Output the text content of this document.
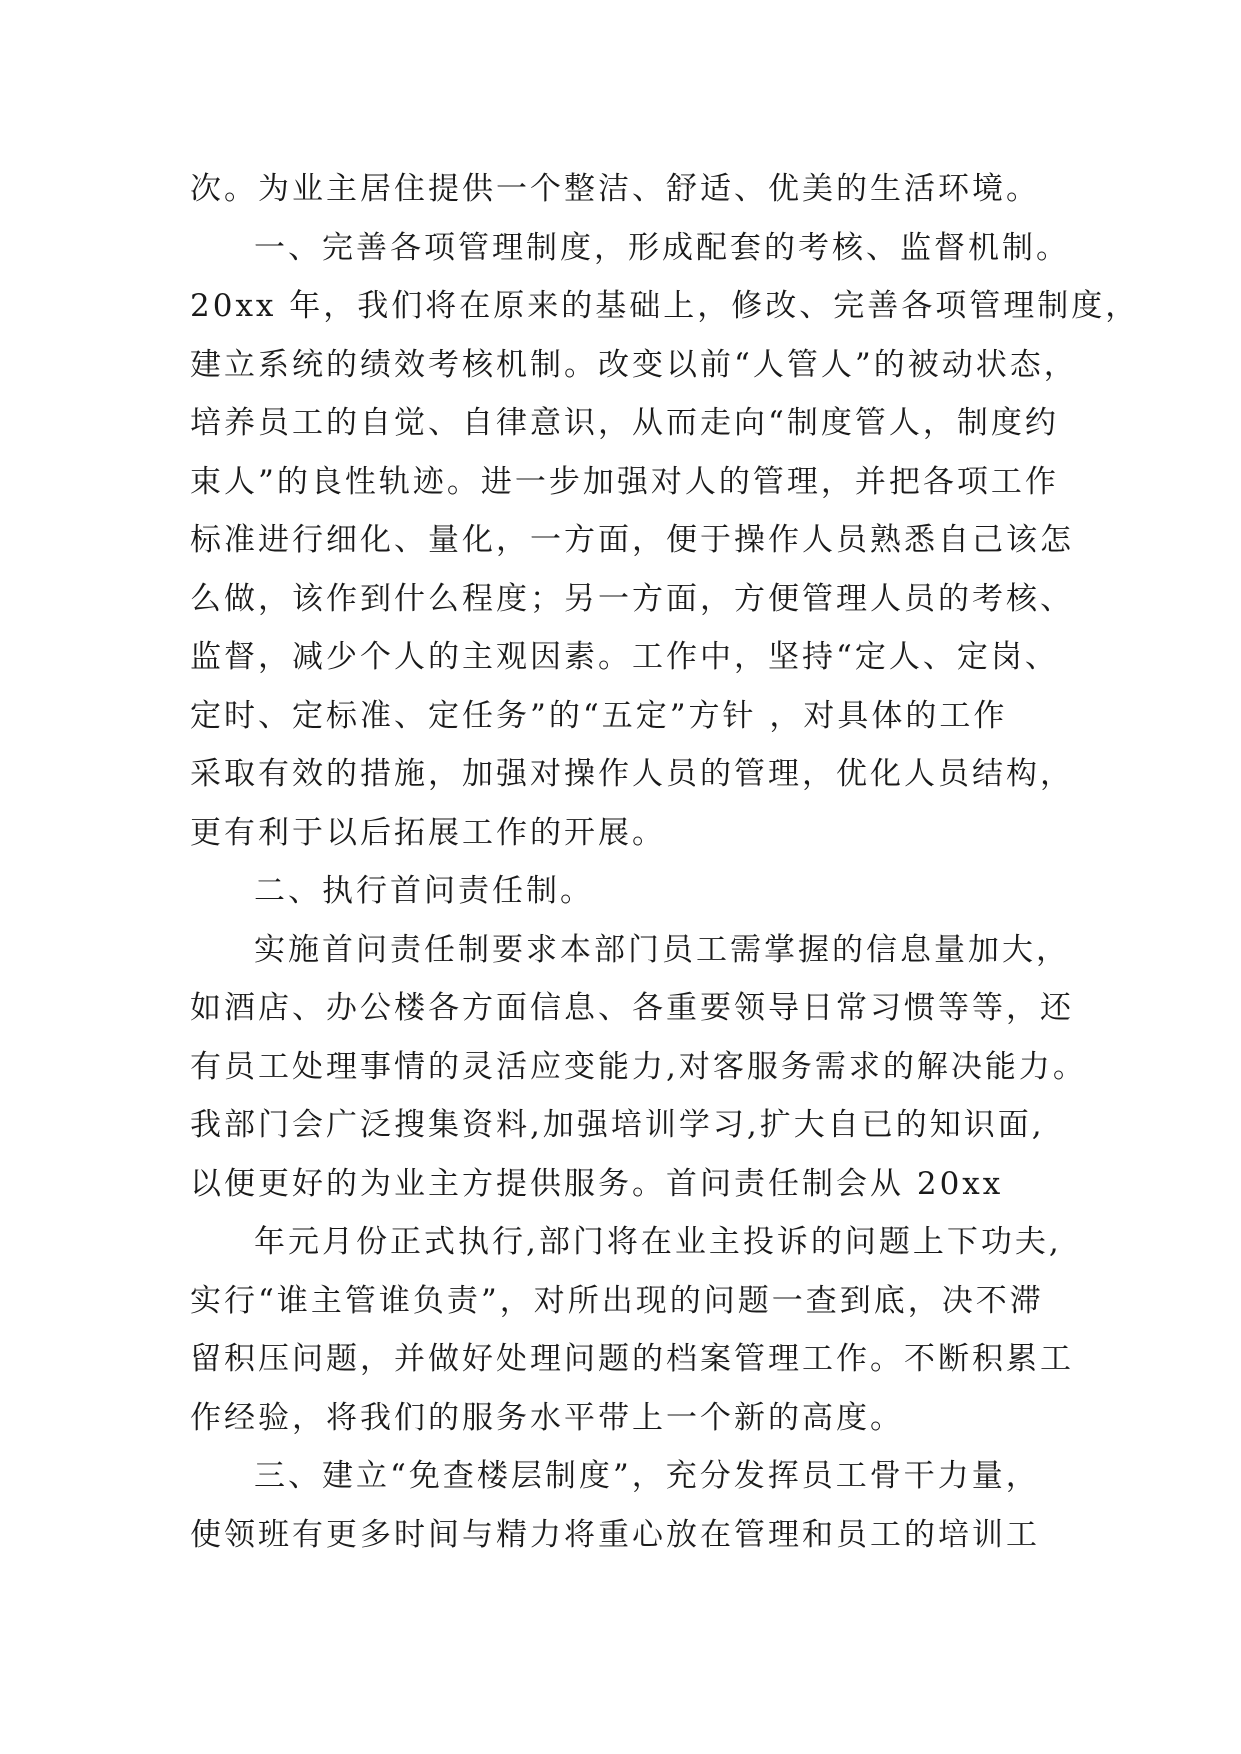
次。为业主居住提供一个整洁、舒适、优美的生活环境。
一、完善各项管理制度，形成配套的考核、监督机制。
20xx 年，我们将在原来的基础上，修改、完善各项管理制度，
建立系统的绩效考核机制。改变以前“人管人”的被动状态，
培养员工的自觉、自律意识，从而走向“制度管人，制度约
束人”的良性轨迹。进一步加强对人的管理，并把各项工作
标准进行细化、量化，一方面，便于操作人员熟悉自己该怎
么做，该作到什么程度；另一方面，方便管理人员的考核、
监督，减少个人的主观因素。工作中，坚持“定人、定岗、
定时、定标准、定任务”的“五定”方针 ，对具体的工作
采取有效的措施，加强对操作人员的管理，优化人员结构，
更有利于以后拓展工作的开展。
二、执行首问责任制。
实施首问责任制要求本部门员工需掌握的信息量加大，
如酒店、办公楼各方面信息、各重要领导日常习惯等等，还
有员工处理事情的灵活应变能力,对客服务需求的解决能力。
我部门会广泛搜集资料,加强培训学习,扩大自已的知识面,
以便更好的为业主方提供服务。首问责任制会从 20xx
年元月份正式执行,部门将在业主投诉的问题上下功夫,
实行“谁主管谁负责”，对所出现的问题一查到底，决不滞
留积压问题，并做好处理问题的档案管理工作。不断积累工
作经验，将我们的服务水平带上一个新的高度。
三、建立“免查楼层制度”，充分发挥员工骨干力量，
使领班有更多时间与精力将重心放在管理和员工的培训工
